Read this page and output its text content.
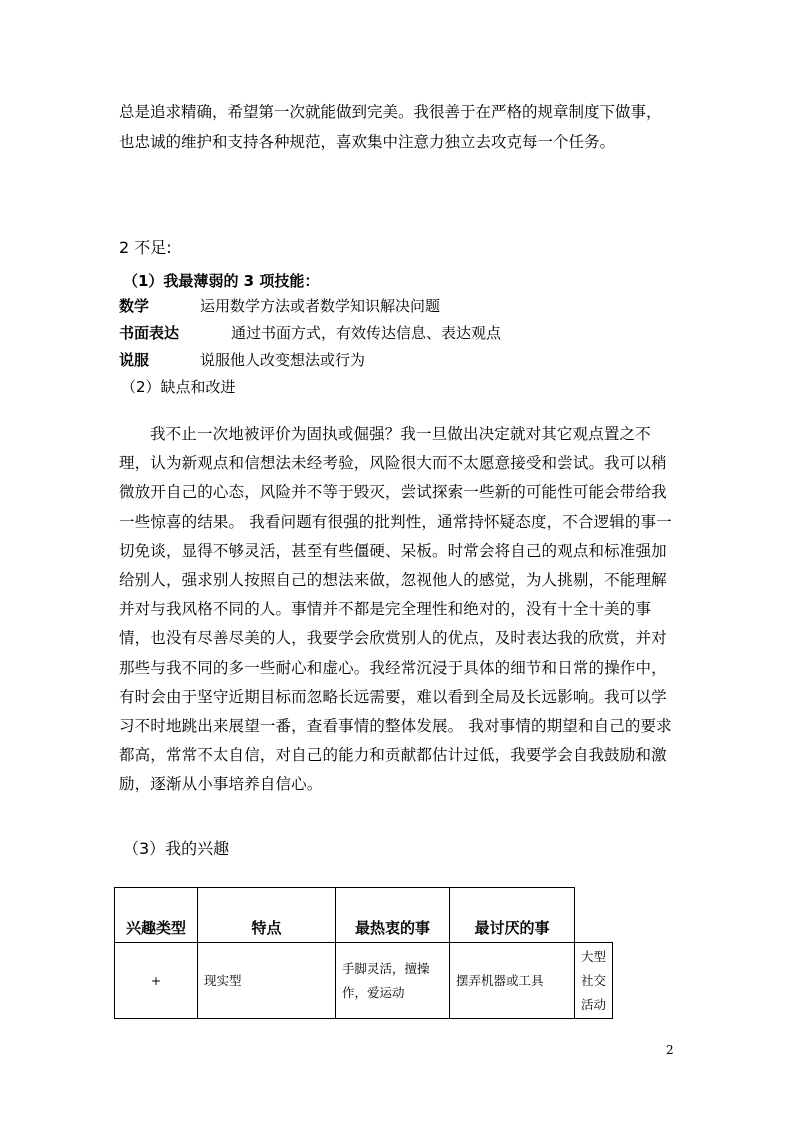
总是追求精确，希望第一次就能做到完美。我很善于在严格的规章制度下做事，也忠诚的维护和支持各种规范，喜欢集中注意力独立去攻克每一个任务。

2 不足:

（1）我最薄弱的 3 项技能：

数学	运用数学方法或者数学知识解决问题
书面表达	通过书面方式，有效传达信息、表达观点
说服	说服他人改变想法或行为

（2）缺点和改进

我不止一次地被评价为固执或倔强？我一旦做出决定就对其它观点置之不理，认为新观点和信想法未经考验，风险很大而不太愿意接受和尝试。我可以稍微放开自己的心态，风险并不等于毁灭，尝试探索一些新的可能性可能会带给我一些惊喜的结果。 我看问题有很强的批判性，通常持怀疑态度，不合逻辑的事一切免谈，显得不够灵活，甚至有些僵硬、呆板。时常会将自己的观点和标准强加给别人，强求别人按照自己的想法来做，忽视他人的感觉，为人挑剔，不能理解并对与我风格不同的人。事情并不都是完全理性和绝对的，没有十全十美的事情，也没有尽善尽美的人，我要学会欣赏别人的优点，及时表达我的欣赏，并对那些与我不同的多一些耐心和虚心。我经常沉浸于具体的细节和日常的操作中，有时会由于坚守近期目标而忽略长远需要，难以看到全局及长远影响。我可以学习不时地跳出来展望一番，查看事情的整体发展。 我对事情的期望和自己的要求都高，常常不太自信，对自己的能力和贡献都估计过低，我要学会自我鼓励和激励，逐渐从小事培养自信心。

（3）我的兴趣

兴趣类型	特点	最热衷的事	最讨厌的事	
+	现实型	手脚灵活，擅操作，爱运动	摆弄机器或工具	大型社交活动
2
